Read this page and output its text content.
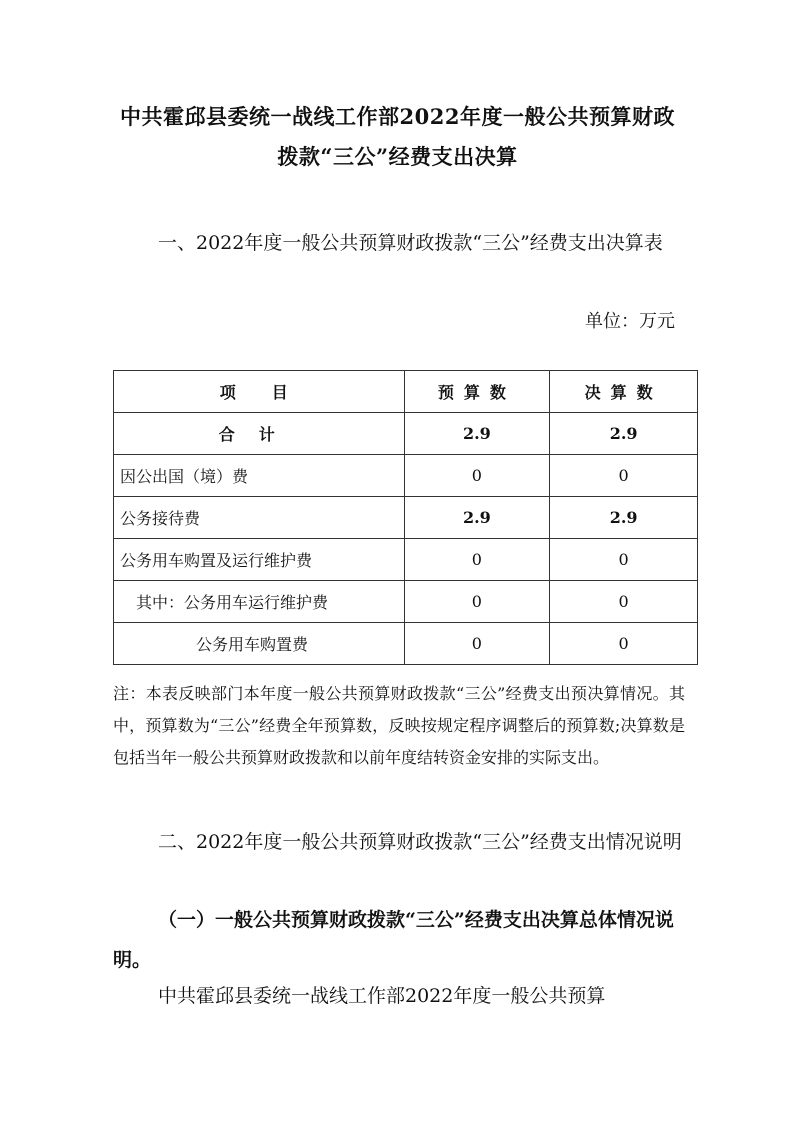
中共霍邱县委统一战线工作部2022年度一般公共预算财政拨款“三公”经费支出决算
一、2022年度一般公共预算财政拨款“三公”经费支出决算表
单位：万元
项　目	预算数	决算数
合计	2.9	2.9
因公出国（境）费	0	0
公务接待费	2.9	2.9
公务用车购置及运行维护费	0	0
其中：公务用车运行维护费	0	0
公务用车购置费	0	0
注：本表反映部门本年度一般公共预算财政拨款“三公”经费支出预决算情况。其中，预算数为“三公”经费全年预算数，反映按规定程序调整后的预算数;决算数是包括当年一般公共预算财政拨款和以前年度结转资金安排的实际支出。
二、2022年度一般公共预算财政拨款“三公”经费支出情况说明
（一）一般公共预算财政拨款“三公”经费支出决算总体情况说明。
中共霍邱县委统一战线工作部2022年度一般公共预算
